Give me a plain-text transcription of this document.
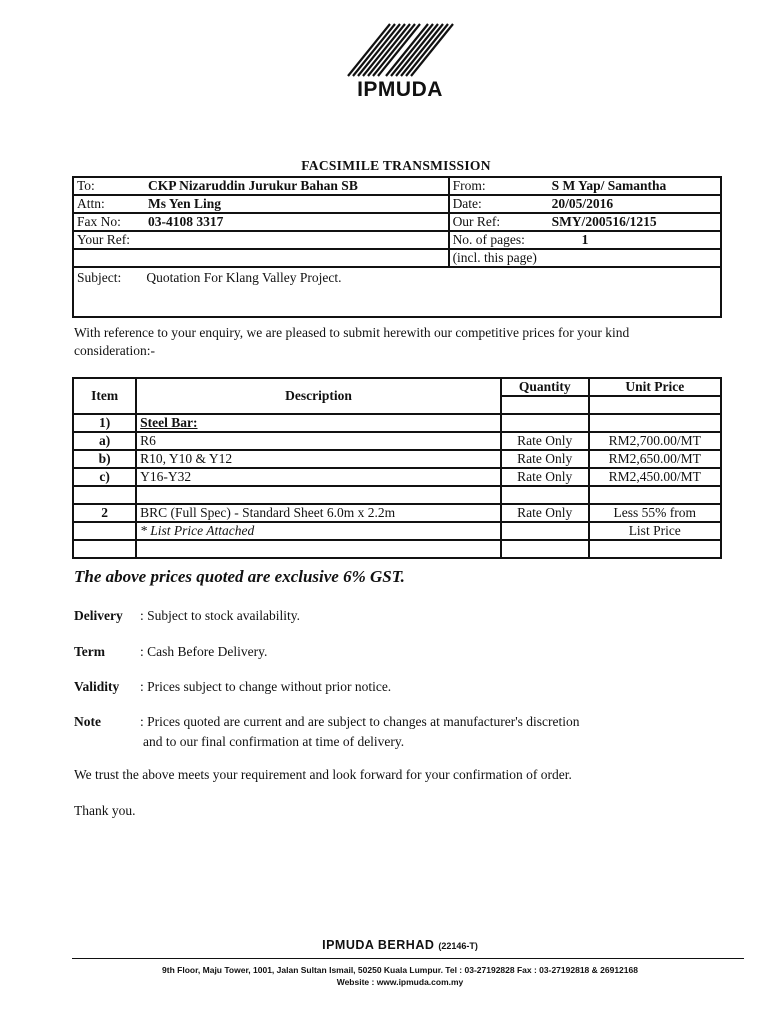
IPMUDA
FACSIMILE TRANSMISSION
To:	CKP Nizaruddin Jurukur Bahan SB	From:	S M Yap/ Samantha
Attn:	Ms Yen Ling	Date:	20/05/2016
Fax No:	03-4108 3317	Our Ref:	SMY/200516/1215
Your Ref:		No. of pages:	1
		(incl. this page)	
Subject: Quotation For Klang Valley Project.			
With reference to your enquiry, we are pleased to submit herewith our competitive prices for your kind consideration:-
Item	Description	Quantity	Unit Price

1)	Steel Bar:		
a)	R6	Rate Only	RM2,700.00/MT
b)	R10, Y10 & Y12	Rate Only	RM2,650.00/MT
c)	Y16-Y32	Rate Only	RM2,450.00/MT

2	BRC (Full Spec) - Standard Sheet 6.0m x 2.2m	Rate Only	Less 55% from
	* List Price Attached		List Price

The above prices quoted are exclusive 6% GST.
Delivery : Subject to stock availability.
Term	: Cash Before Delivery.
Validity : Prices subject to change without prior notice.
Note	: Prices quoted are current and are subject to changes at manufacturer's discretion
and to our final confirmation at time of delivery.
We trust the above meets your requirement and look forward for your confirmation of order.
Thank you.
IPMUDA BERHAD (22146-T)
9th Floor, Maju Tower, 1001, Jalan Sultan Ismail, 50250 Kuala Lumpur. Tel : 03-27192828 Fax : 03-27192818 & 26912168
Website : www.ipmuda.com.my
